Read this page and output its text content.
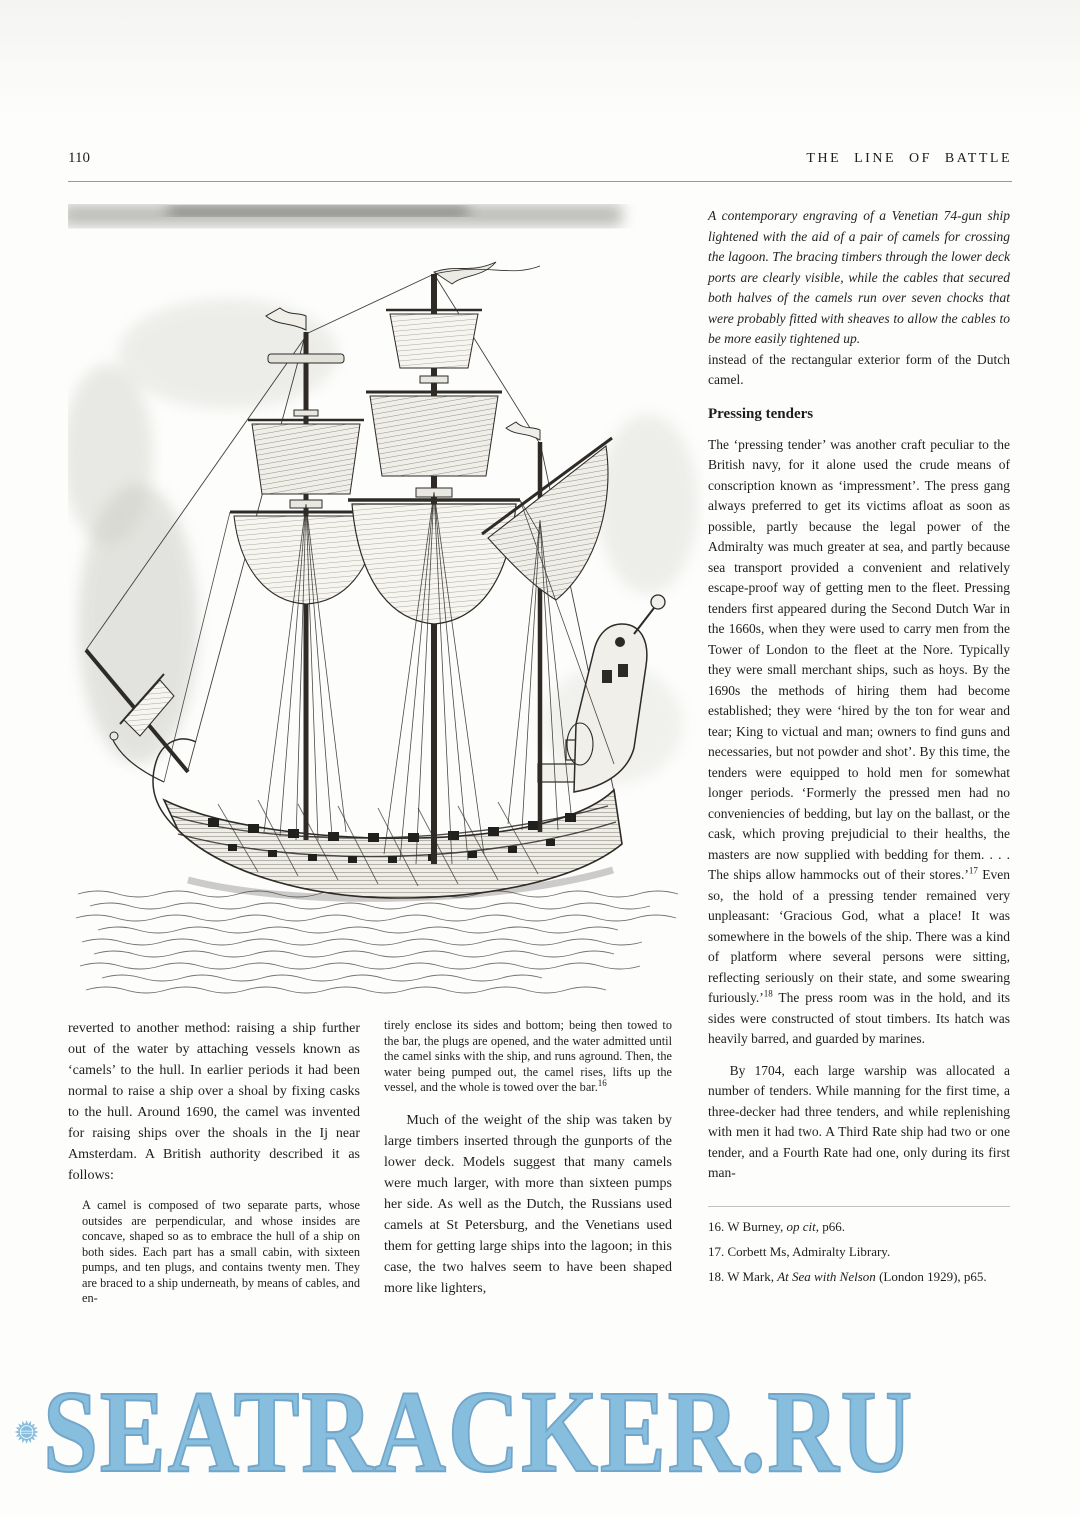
110	THE LINE OF BATTLE

A contemporary engraving of a Venetian 74-gun ship lightened with the aid of a pair of camels for crossing the lagoon. The bracing timbers through the lower deck ports are clearly visible, while the cables that secured both halves of the camels run over seven chocks that were probably fitted with sheaves to allow the cables to be more easily tightened up.

instead of the rectangular exterior form of the Dutch camel.

Pressing tenders

The ‘pressing tender’ was another craft peculiar to the British navy, for it alone used the crude means of conscription known as ‘impressment’. The press gang always preferred to get its victims afloat as soon as possible, partly because the legal power of the Admiralty was much greater at sea, and partly because sea transport provided a convenient and relatively escape-proof way of getting men to the fleet. Pressing tenders first appeared during the Second Dutch War in the 1660s, when they were used to carry men from the Tower of London to the fleet at the Nore. Typically they were small merchant ships, such as hoys. By the 1690s the methods of hiring them had become established; they were ‘hired by the ton for wear and tear; King to victual and man; owners to find guns and necessaries, but not powder and shot’. By this time, the tenders were equipped to hold men for somewhat longer periods. ‘Formerly the pressed men had no conveniencies of bedding, but lay on the ballast, or the cask, which proving prejudicial to their healths, the masters are now supplied with bedding for them. . . . The ships allow hammocks out of their stores.’$^{17}$ Even so, the hold of a pressing tender remained very unpleasant: ‘Gracious God, what a place! It was somewhere in the bowels of the ship. There was a kind of platform where several persons were sitting, reflecting seriously on their state, and some swearing furiously.’$^{18}$ The press room was in the hold, and its sides were constructed of stout timbers. Its hatch was heavily barred, and guarded by marines.

By 1704, each large warship was allocated a number of tenders. While manning for the first time, a three-decker had three tenders, and while replenishing with men it had two. A Third Rate ship had two or one tender, and a Fourth Rate had one, only during its first man-

16. W Burney, op cit, p66.
17. Corbett Ms, Admiralty Library.
18. W Mark, At Sea with Nelson (London 1929), p65.

reverted to another method: raising a ship further out of the water by attaching vessels known as ‘camels’ to the hull. In earlier periods it had been normal to raise a ship over a shoal by fixing casks to the hull. Around 1690, the camel was invented for raising ships over the shoals in the Ij near Amsterdam. A British authority described it as follows:

A camel is composed of two separate parts, whose outsides are perpendicular, and whose insides are concave, shaped so as to embrace the hull of a ship on both sides. Each part has a small cabin, with sixteen pumps, and ten plugs, and contains twenty men. They are braced to a ship underneath, by means of cables, and en-

tirely enclose its sides and bottom; being then towed to the bar, the plugs are opened, and the water admitted until the camel sinks with the ship, and runs aground. Then, the water being pumped out, the camel rises, lifts up the vessel, and the whole is towed over the bar.$^{16}$

Much of the weight of the ship was taken by large timbers inserted through the gunports of the lower deck. Models suggest that many camels were much larger, with more than sixteen pumps her side. As well as the Dutch, the Russians used camels at St Petersburg, and the Venetians used them for getting large ships into the lagoon; in this case, the two halves seem to have been shaped more like lighters,

SEATRACKER.RU
